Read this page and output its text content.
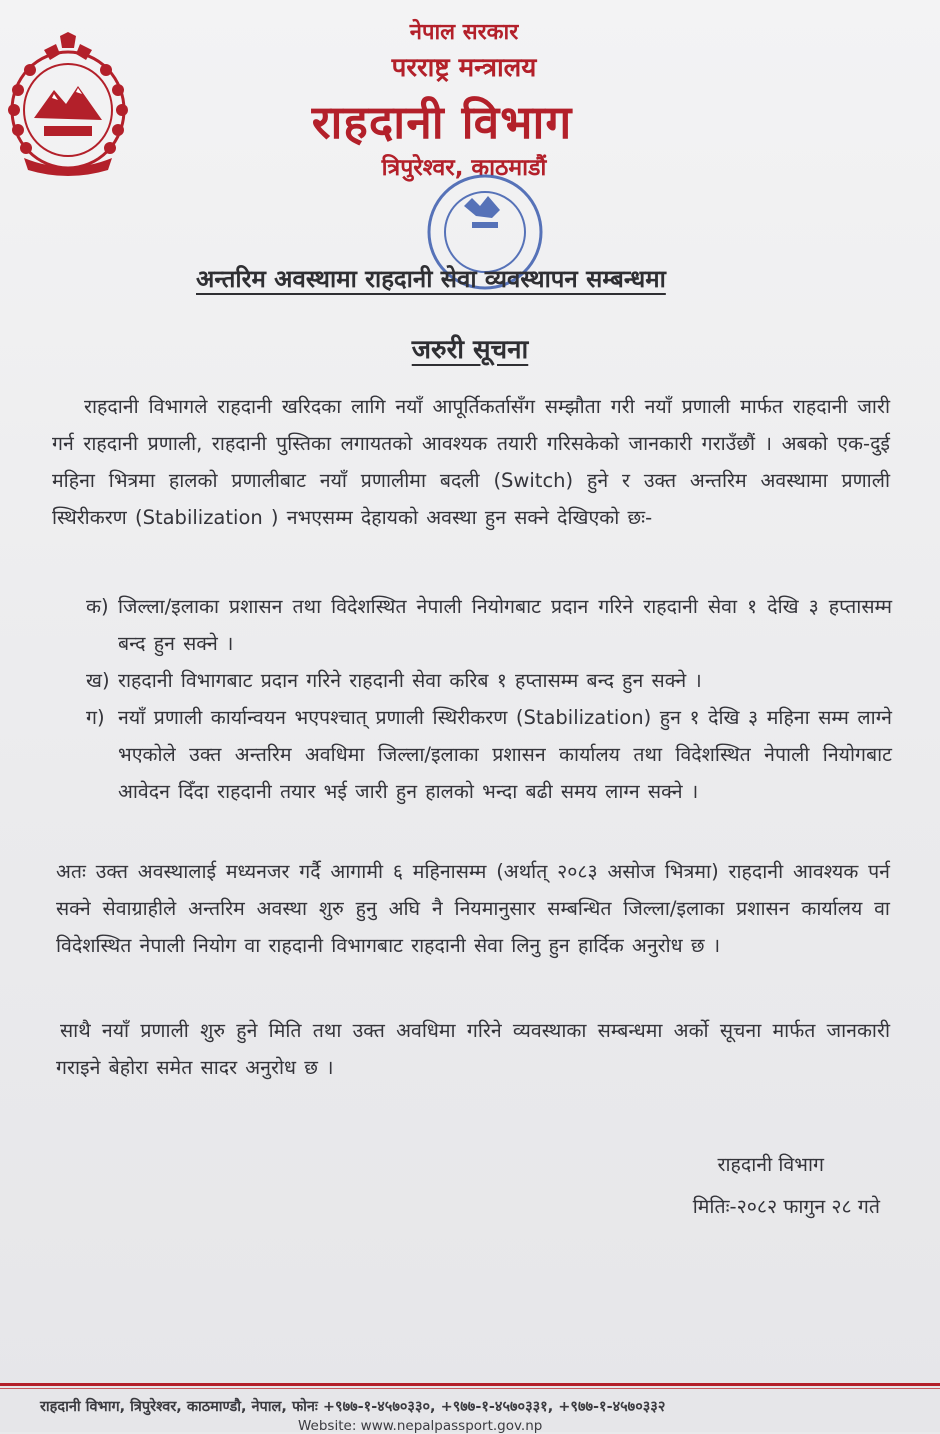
नेपाल सरकार
परराष्ट्र मन्त्रालय
राहदानी विभाग
त्रिपुरेश्वर, काठमाडौं
अन्तरिम अवस्थामा राहदानी सेवा व्यवस्थापन सम्बन्धमा
जरुरी सूचना
राहदानी विभागले राहदानी खरिदका लागि नयाँ आपूर्तिकर्तासँग सम्झौता गरी नयाँ प्रणाली मार्फत राहदानी जारी गर्न राहदानी प्रणाली, राहदानी पुस्तिका लगायतको आवश्यक तयारी गरिसकेको जानकारी गराउँछौं । अबको एक-दुई महिना भित्रमा हालको प्रणालीबाट नयाँ प्रणालीमा बदली (Switch) हुने र उक्त अन्तरिम अवस्थामा प्रणाली स्थिरीकरण (Stabilization ) नभएसम्म देहायको अवस्था हुन सक्ने देखिएको छः-
क) जिल्ला/इलाका प्रशासन तथा विदेशस्थित नेपाली नियोगबाट प्रदान गरिने राहदानी सेवा १ देखि ३ हप्तासम्म बन्द हुन सक्ने ।
ख) राहदानी विभागबाट प्रदान गरिने राहदानी सेवा करिब १ हप्तासम्म बन्द हुन सक्ने ।
ग) नयाँ प्रणाली कार्यान्वयन भएपश्चात् प्रणाली स्थिरीकरण (Stabilization) हुन १ देखि ३ महिना सम्म लाग्ने भएकोले उक्त अन्तरिम अवधिमा जिल्ला/इलाका प्रशासन कार्यालय तथा विदेशस्थित नेपाली नियोगबाट आवेदन दिँदा राहदानी तयार भई जारी हुन हालको भन्दा बढी समय लाग्न सक्ने ।
अतः उक्त अवस्थालाई मध्यनजर गर्दै आगामी ६ महिनासम्म (अर्थात् २०८३ असोज भित्रमा) राहदानी आवश्यक पर्न सक्ने सेवाग्राहीले अन्तरिम अवस्था शुरु हुनु अघि नै नियमानुसार सम्बन्धित जिल्ला/इलाका प्रशासन कार्यालय वा विदेशस्थित नेपाली नियोग वा राहदानी विभागबाट राहदानी सेवा लिनु हुन हार्दिक अनुरोध छ ।
साथै नयाँ प्रणाली शुरु हुने मिति तथा उक्त अवधिमा गरिने व्यवस्थाका सम्बन्धमा अर्को सूचना मार्फत जानकारी गराइने बेहोरा समेत सादर अनुरोध छ ।
राहदानी विभाग
मितिः-२०८२ फागुन २८ गते
राहदानी विभाग, त्रिपुरेश्वर, काठमाण्डौ, नेपाल, फोनः +९७७-१-४५७०३३०, +९७७-१-४५७०३३१, +९७७-१-४५७०३३२
Website: www.nepalpassport.gov.np
